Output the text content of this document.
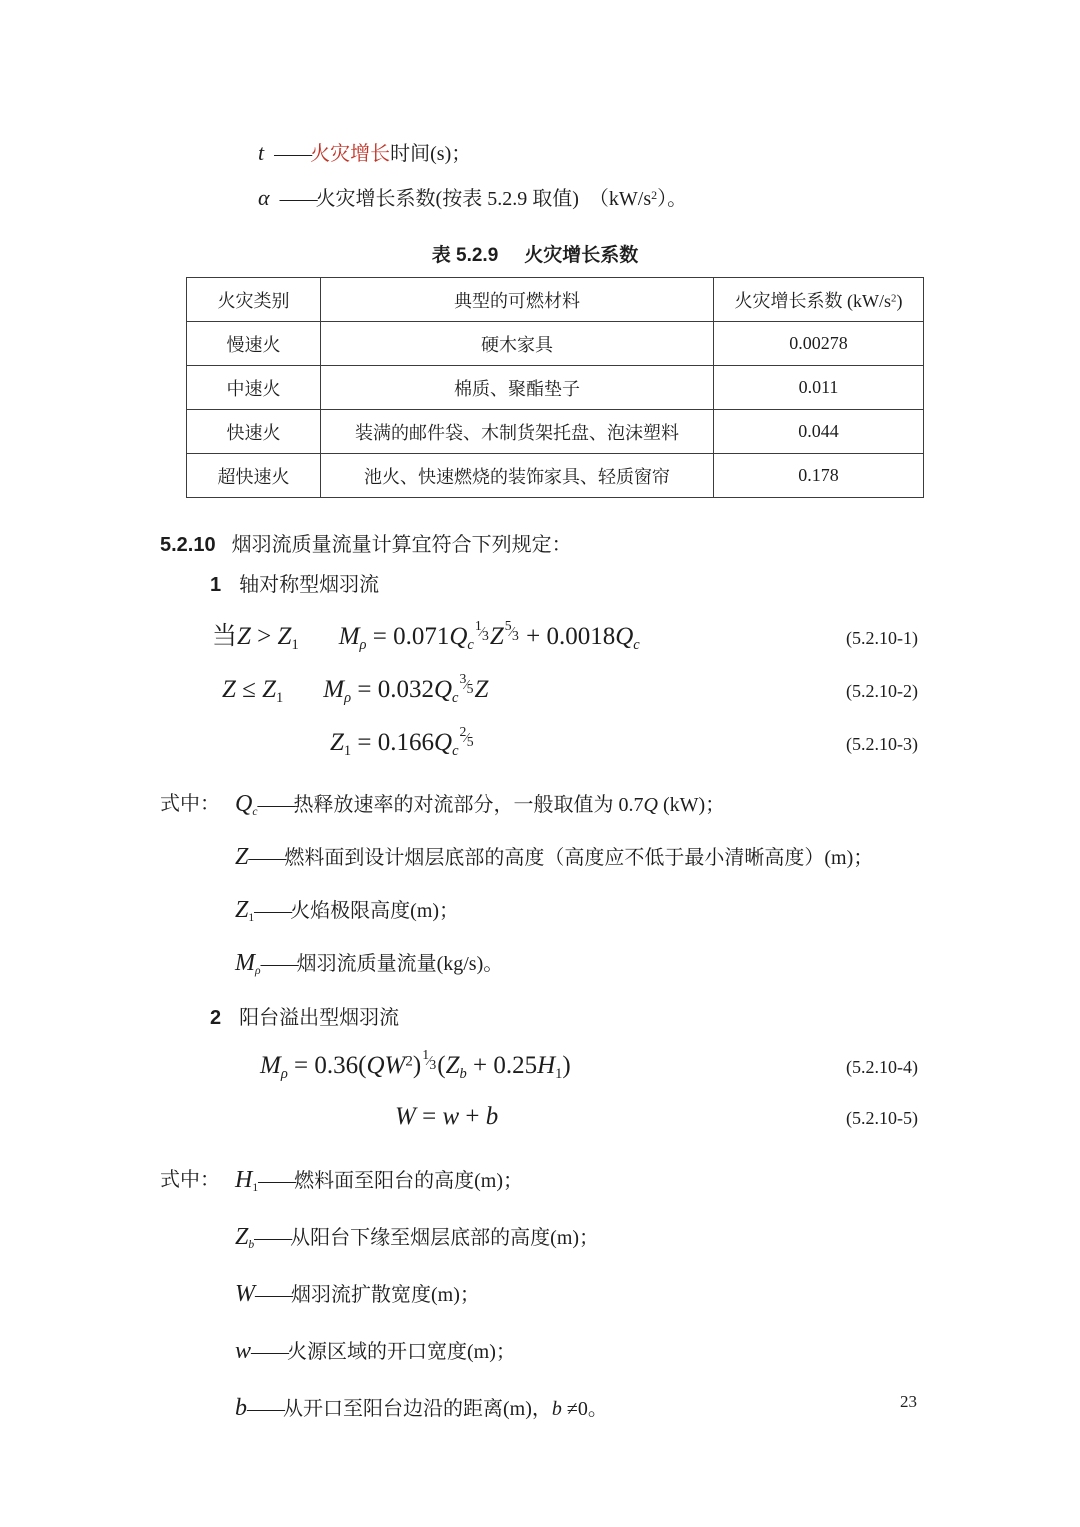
t ——火灾增长时间(s)；
α ——火灾增长系数(按表 5.2.9 取值) $(kW/s^2)$。
表 5.2.9 火灾增长系数
火灾类别	典型的可燃材料	火灾增长系数 $(kW/s^2)$
慢速火	硬木家具	0.00278
中速火	棉质、聚酯垫子	0.011
快速火	装满的邮件袋、木制货架托盘、泡沫塑料	0.044
超快速火	池火、快速燃烧的装饰家具、轻质窗帘	0.178
5.2.10 烟羽流质量流量计算宜符合下列规定：
1 轴对称型烟羽流
当$Z > Z_1$ $M_\rho$ = $0.071Q_c1⁄$ 3Z5⁄ $3 + 0.0018Q_c$	(5.2.10-1)
$Z \le Z_1$ $M_\rho$ = $0.032Q_c3⁄$ 5Z	(5.2.10-2)
$Z_1$ = $0.166Q_c2⁄$ 5	(5.2.10-3)
式中： $Q_c——$热释放速率的对流部分，一般取值为 0.7Q (kW)；
Z——燃料面到设计烟层底部的高度（高度应不低于最小清晰高度）(m)；
$Z_1——$火焰极限高度(m)；
$M_\rho——$烟羽流质量流量(kg/s)。
2 阳台溢出型烟羽流
$M_\rho$ = $0.36(QW^2)1⁄$ $3(Z_b + 0.25H_1)$	(5.2.10-4)
W = w + b	(5.2.10-5)
式中： $H_1——$燃料面至阳台的高度(m)；
$Z_b——$从阳台下缘至烟层底部的高度(m)；
W——烟羽流扩散宽度(m)；
w——火源区域的开口宽度(m)；
b——从开口至阳台边沿的距离(m)，b ≠0。	23
